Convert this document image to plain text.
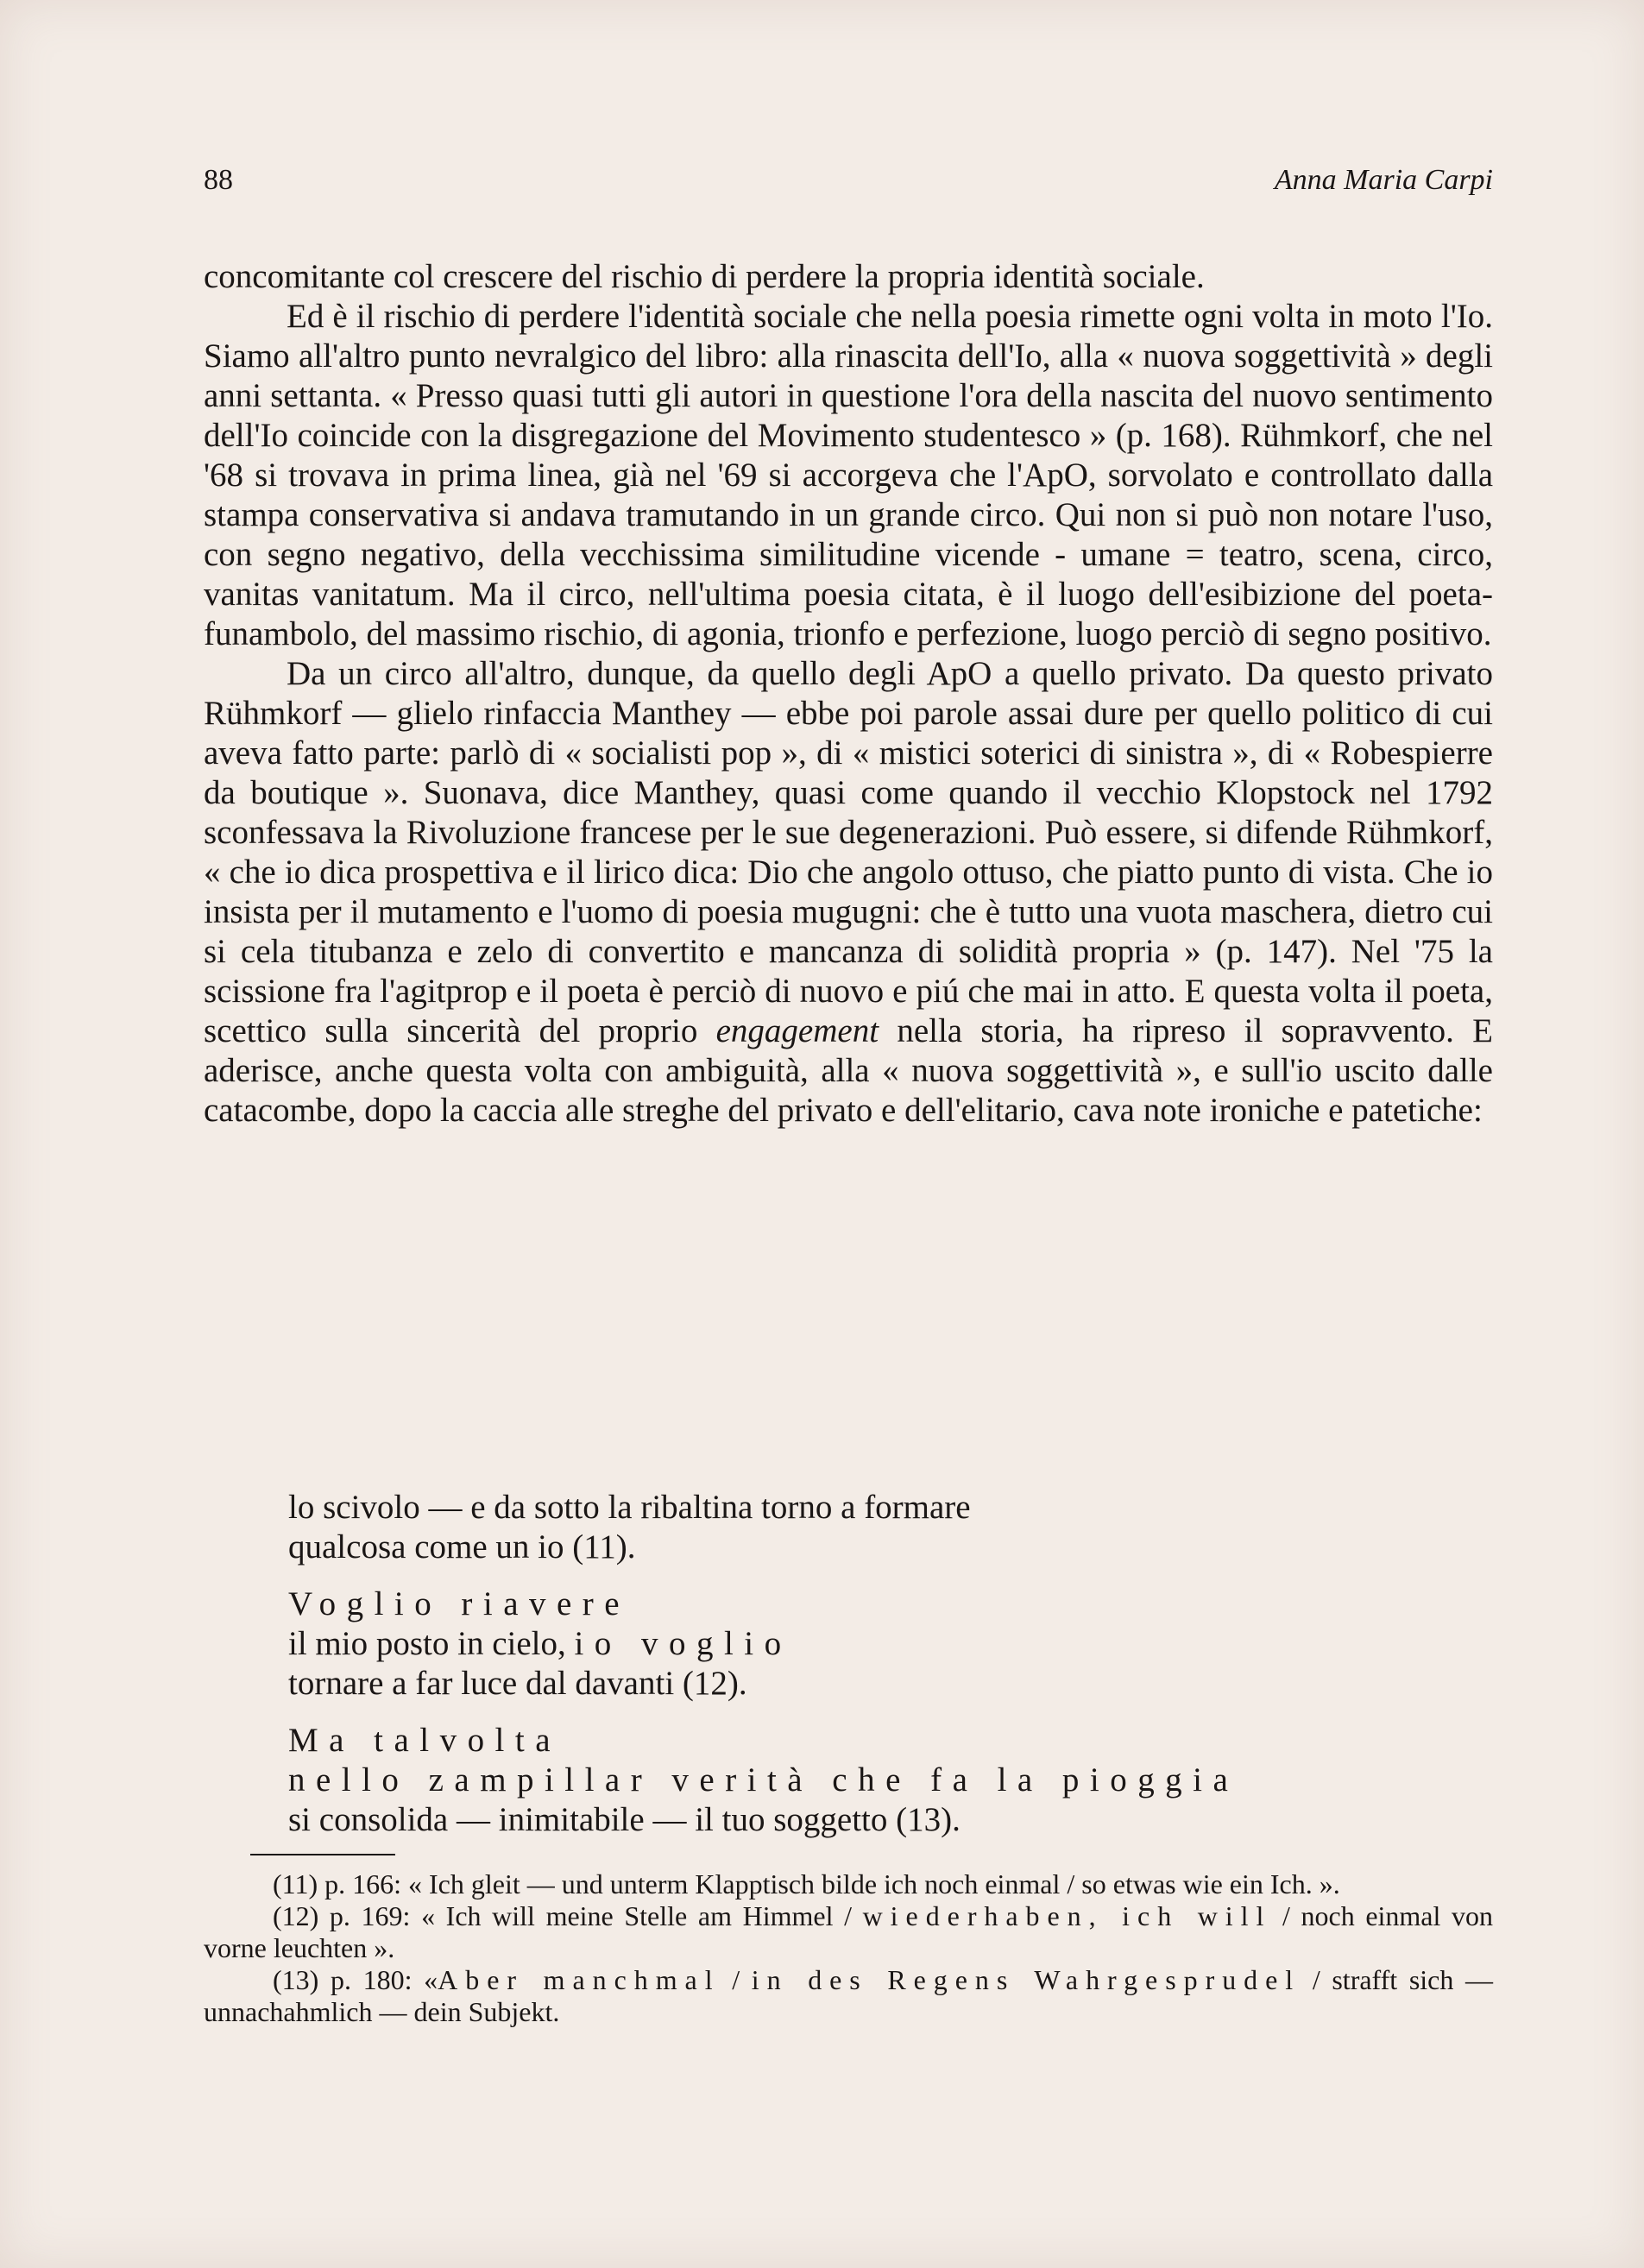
88	Anna Maria Carpi

concomitante col crescere del rischio di perdere la propria identità sociale.

Ed è il rischio di perdere l'identità sociale che nella poesia rimette ogni volta in moto l'Io. Siamo all'altro punto nevralgico del libro: alla rinascita dell'Io, alla « nuova soggettività » degli anni settanta. « Presso quasi tutti gli autori in questione l'ora della nascita del nuovo sentimento dell'Io coincide con la disgregazione del Movimento studentesco » (p. 168). Rühmkorf, che nel '68 si trovava in prima linea, già nel '69 si accorgeva che l'ApO, sorvolato e controllato dalla stampa conservativa si andava tramutando in un grande circo. Qui non si può non notare l'uso, con segno negativo, della vecchissima similitudine vicende - umane = teatro, scena, circo, vanitas vanitatum. Ma il circo, nell'ultima poesia citata, è il luogo dell'esibizione del poeta-funambolo, del massimo rischio, di agonia, trionfo e perfezione, luogo perciò di segno positivo.

Da un circo all'altro, dunque, da quello degli ApO a quello privato. Da questo privato Rühmkorf — glielo rinfaccia Manthey — ebbe poi parole assai dure per quello politico di cui aveva fatto parte: parlò di « socialisti pop », di « mistici soterici di sinistra », di « Robespierre da boutique ». Suonava, dice Manthey, quasi come quando il vecchio Klopstock nel 1792 sconfessava la Rivoluzione francese per le sue degenerazioni. Può essere, si difende Rühmkorf, « che io dica prospettiva e il lirico dica: Dio che angolo ottuso, che piatto punto di vista. Che io insista per il mutamento e l'uomo di poesia mugugni: che è tutto una vuota maschera, dietro cui si cela titubanza e zelo di convertito e mancanza di solidità propria » (p. 147). Nel '75 la scissione fra l'agitprop e il poeta è perciò di nuovo e piú che mai in atto. E questa volta il poeta, scettico sulla sincerità del proprio engagement nella storia, ha ripreso il sopravvento. E aderisce, anche questa volta con ambiguità, alla « nuova soggettività », e sull'io uscito dalle catacombe, dopo la caccia alle streghe del privato e dell'elitario, cava note ironiche e patetiche:

lo scivolo — e da sotto la ribaltina torno a formare
qualcosa come un io (11).
Voglio riavere
il mio posto in cielo, io voglio
tornare a far luce dal davanti (12).
Ma talvolta
nello zampillar verità che fa la pioggia
si consolida — inimitabile — il tuo soggetto (13).

(11) p. 166: « Ich gleit — und unterm Klapptisch bilde ich noch einmal / so etwas wie ein Ich. ».

(12) p. 169: « Ich will meine Stelle am Himmel / wiederhaben, ich will / noch einmal von vorne leuchten ».

(13) p. 180: «Aber manchmal / in des Regens Wahrgesprudel / strafft sich — unnachahmlich — dein Subjekt.
